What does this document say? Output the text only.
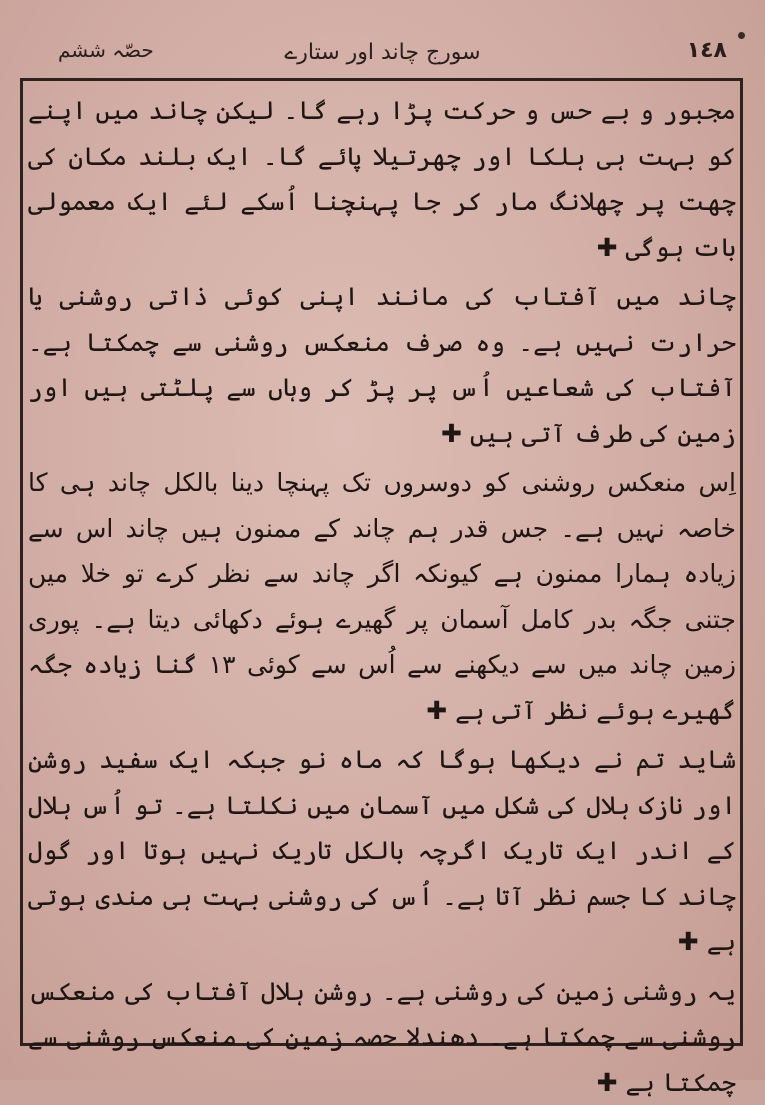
١٤٨
سورج چاند اور ستارے
حصّہ ششم

مجبور و بے حس و حرکت پڑا رہے گا۔ لیکن چاند میں اپنے کو بہت ہی ہلکا اور چھرتیلا پائے گا۔ ایک بلند مکان کی چھت پر چھلانگ مار کر جا پہنچنا اُسکے لئے ایک معمولی بات ہوگی ✚

چاند میں آفتاب کی مانند اپنی کوئی ذاتی روشنی یا حرارت نہیں ہے۔ وہ صرف منعکس روشنی سے چمکتا ہے۔ آفتاب کی شعاعیں اُس پر پڑ کر وہاں سے پلٹتی ہیں اور زمین کی طرف آتی ہیں ✚

اِس منعکس روشنی کو دوسروں تک پہنچا دینا بالکل چاند ہی کا خاصہ نہیں ہے۔ جس قدر ہم چاند کے ممنون ہیں چاند اس سے زیادہ ہمارا ممنون ہے کیونکہ اگر چاند سے نظر کرے تو خلا میں جتنی جگہ بدر کامل آسمان پر گھیرے ہوئے دکھائی دیتا ہے۔ پوری زمین چاند میں سے دیکھنے سے اُس سے کوئی ۱۳ گنا زیادہ جگہ گھیرے ہوئے نظر آتی ہے ✚

شاید تم نے دیکھا ہوگا کہ ماہ نو جبکہ ایک سفید روشن اور نازک ہلال کی شکل میں آسمان میں نکلتا ہے۔ تو اُس ہلال کے اندر ایک تاریک اگرچہ بالکل تاریک نہیں ہوتا اور گول چاند کا جسم نظر آتا ہے۔ اُس کی روشنی بہت ہی مندی ہوتی ہے ✚

یہ روشنی زمین کی روشنی ہے۔ روشن ہلال آفتاب کی منعکس روشنی سے چمکتا ہے۔ دھندلا حصہ زمین کی منعکس روشنی سے چمکتا ہے ✚
